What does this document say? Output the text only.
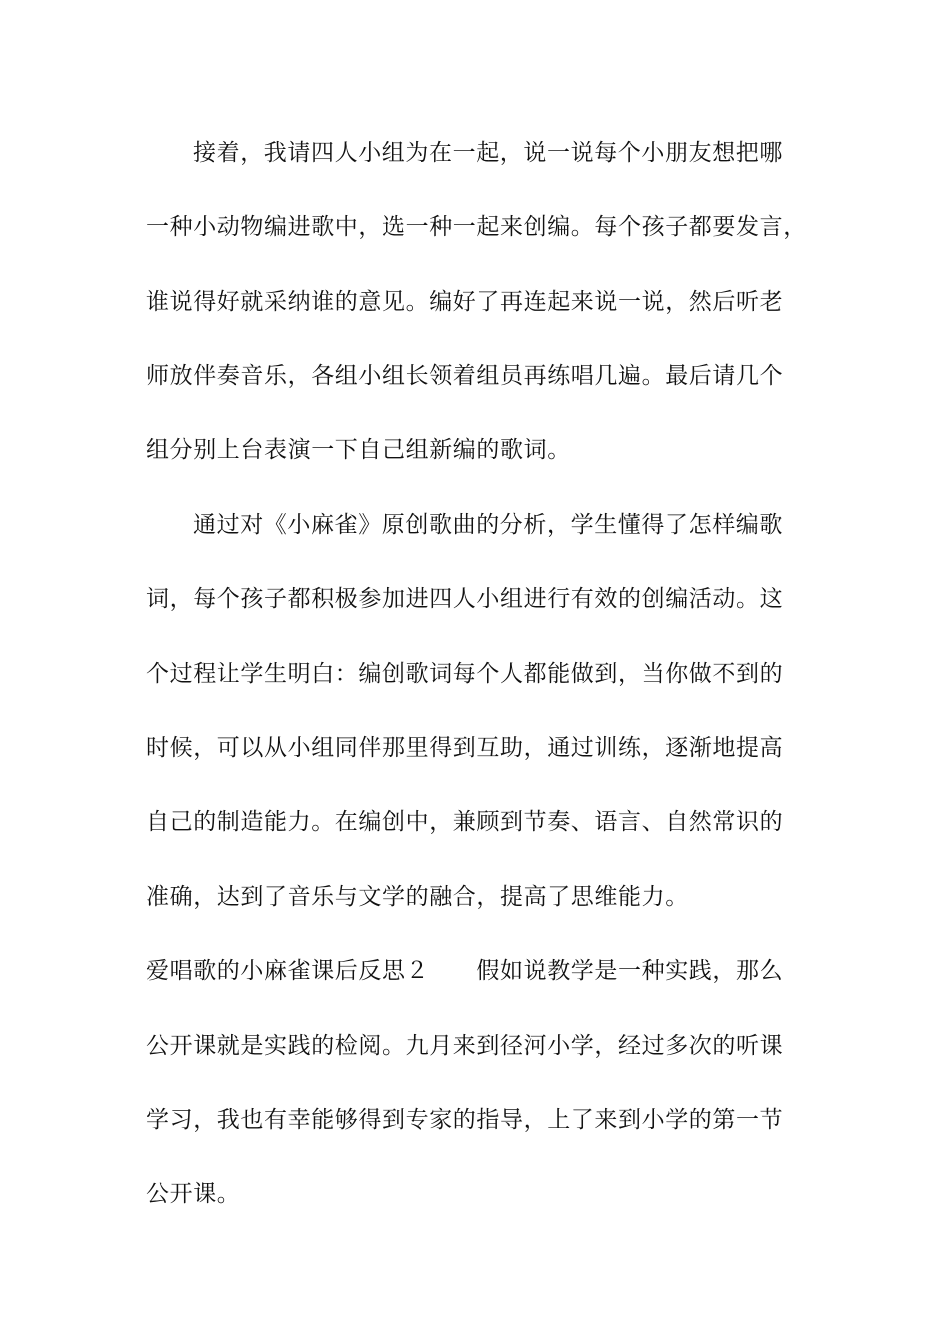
接着，我请四人小组为在一起，说一说每个小朋友想把哪
一种小动物编进歌中，选一种一起来创编。每个孩子都要发言，
谁说得好就采纳谁的意见。编好了再连起来说一说，然后听老
师放伴奏音乐，各组小组长领着组员再练唱几遍。最后请几个
组分别上台表演一下自己组新编的歌词。
通过对《小麻雀》原创歌曲的分析，学生懂得了怎样编歌
词，每个孩子都积极参加进四人小组进行有效的创编活动。这
个过程让学生明白：编创歌词每个人都能做到，当你做不到的
时候，可以从小组同伴那里得到互助，通过训练，逐渐地提高
自己的制造能力。在编创中，兼顾到节奏、语言、自然常识的
准确，达到了音乐与文学的融合，提高了思维能力。
爱唱歌的小麻雀课后反思２　　假如说教学是一种实践，那么
公开课就是实践的检阅。九月来到径河小学，经过多次的听课
学习，我也有幸能够得到专家的指导，上了来到小学的第一节
公开课。
